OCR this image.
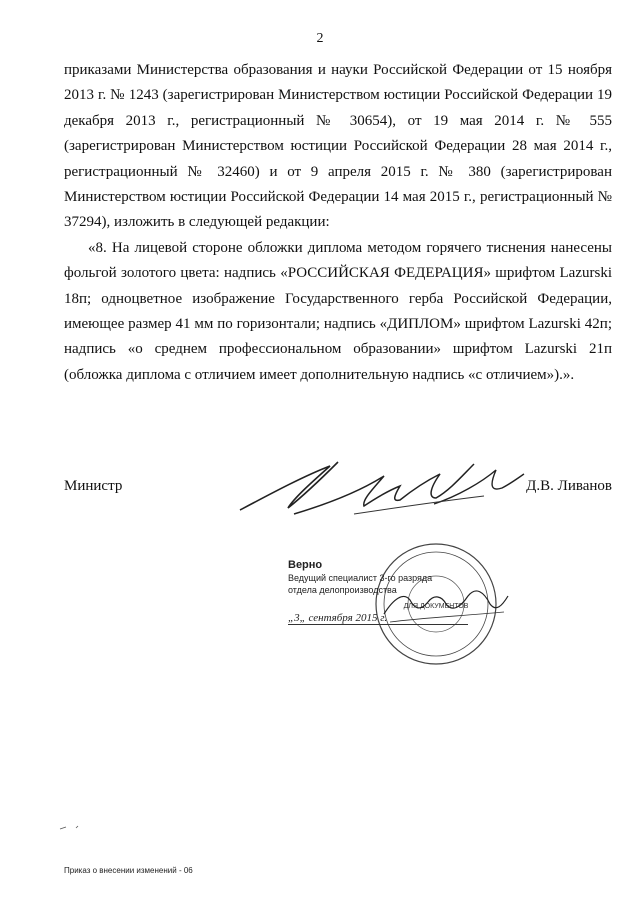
2

приказами Министерства образования и науки Российской Федерации от 15 ноября 2013 г. № 1243 (зарегистрирован Министерством юстиции Российской Федерации 19 декабря 2013 г., регистрационный № 30654), от 19 мая 2014 г. № 555 (зарегистрирован Министерством юстиции Российской Федерации 28 мая 2014 г., регистрационный № 32460) и от 9 апреля 2015 г. № 380 (зарегистрирован Министерством юстиции Российской Федерации 14 мая 2015 г., регистрационный № 37294), изложить в следующей редакции:

«8. На лицевой стороне обложки диплома методом горячего тиснения нанесены фольгой золотого цвета: надпись «РОССИЙСКАЯ ФЕДЕРАЦИЯ» шрифтом Lazurski 18п; одноцветное изображение Государственного герба Российской Федерации, имеющее размер 41 мм по горизонтали; надпись «ДИПЛОМ» шрифтом Lazurski 42п; надпись «о среднем профессиональном образовании» шрифтом Lazurski 21п (обложка диплома с отличием имеет дополнительную надпись «с отличием»).».

Министр	Д.В. Ливанов
ДЛЯ ДОКУМЕНТОВ
Верно
Ведущий специалист 3-го разряда
отдела делопроизводства
„3„ сентября 2015 г.
Приказ о внесении изменений - 06
